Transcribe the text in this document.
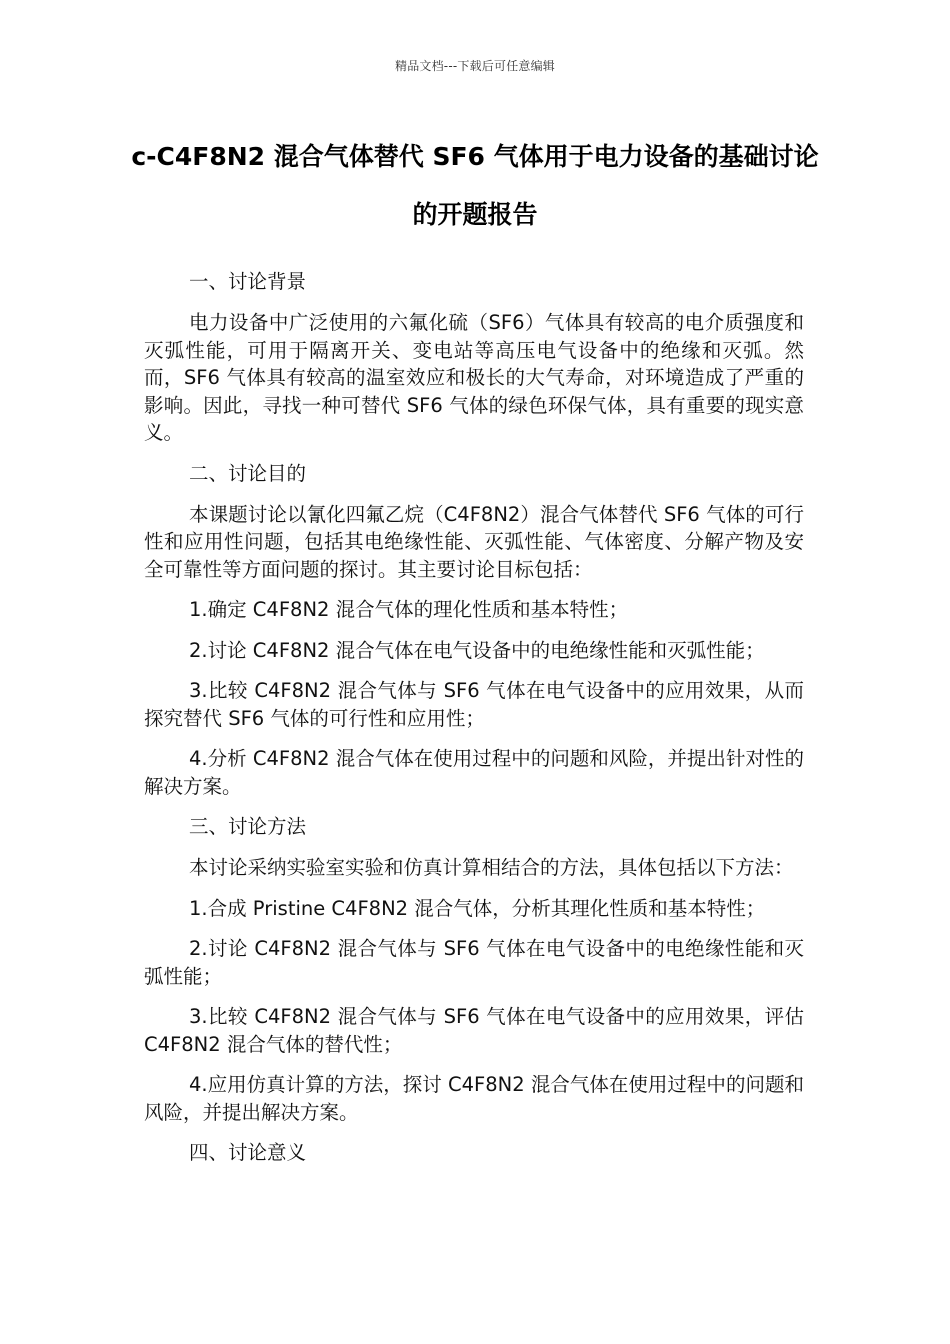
精品文档---下载后可任意编辑
c-C4F8N2 混合气体替代 SF6 气体用于电力设备的基础讨论的开题报告
一、讨论背景
电力设备中广泛使用的六氟化硫（SF6）气体具有较高的电介质强度和灭弧性能，可用于隔离开关、变电站等高压电气设备中的绝缘和灭弧。然而，SF6 气体具有较高的温室效应和极长的大气寿命，对环境造成了严重的影响。因此，寻找一种可替代 SF6 气体的绿色环保气体，具有重要的现实意义。
二、讨论目的
本课题讨论以氰化四氟乙烷（C4F8N2）混合气体替代 SF6 气体的可行性和应用性问题，包括其电绝缘性能、灭弧性能、气体密度、分解产物及安全可靠性等方面问题的探讨。其主要讨论目标包括：
1.确定 C4F8N2 混合气体的理化性质和基本特性；
2.讨论 C4F8N2 混合气体在电气设备中的电绝缘性能和灭弧性能；
3.比较 C4F8N2 混合气体与 SF6 气体在电气设备中的应用效果，从而探究替代 SF6 气体的可行性和应用性；
4.分析 C4F8N2 混合气体在使用过程中的问题和风险，并提出针对性的解决方案。
三、讨论方法
本讨论采纳实验室实验和仿真计算相结合的方法，具体包括以下方法：
1.合成 Pristine C4F8N2 混合气体，分析其理化性质和基本特性；
2.讨论 C4F8N2 混合气体与 SF6 气体在电气设备中的电绝缘性能和灭弧性能；
3.比较 C4F8N2 混合气体与 SF6 气体在电气设备中的应用效果，评估 C4F8N2 混合气体的替代性；
4.应用仿真计算的方法，探讨 C4F8N2 混合气体在使用过程中的问题和风险，并提出解决方案。
四、讨论意义
